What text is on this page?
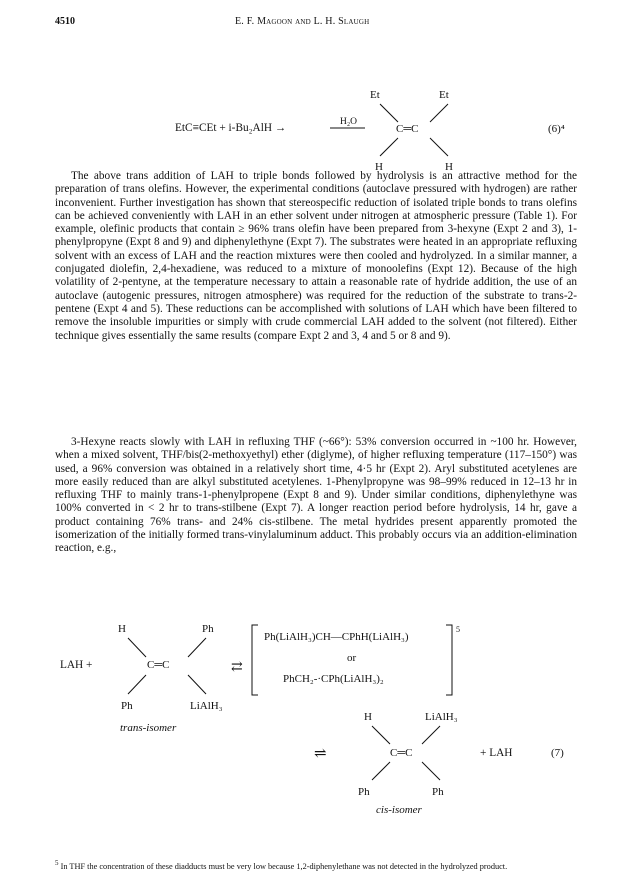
4510	E. F. Magoon and L. H. Slaugh
Et	Et
EtC≡CEt + i-Bu₂AlH →	H₂O
C═C	(6)⁴
H	H

The above trans addition of LAH to triple bonds followed by hydrolysis is an attractive method for the preparation of trans olefins. However, the experimental conditions (autoclave pressured with hydrogen) are rather inconvenient. Further investigation has shown that stereospecific reduction of isolated triple bonds to trans olefins can be achieved conveniently with LAH in an ether solvent under nitrogen at atmospheric pressure (Table 1). For example, olefinic products that contain ≥ 96% trans olefin have been prepared from 3-hexyne (Expt 2 and 3), 1-phenylpropyne (Expt 8 and 9) and diphenylethyne (Expt 7). The substrates were heated in an appropriate refluxing solvent with an excess of LAH and the reaction mixtures were then cooled and hydrolyzed. In a similar manner, a conjugated diolefin, 2,4-hexadiene, was reduced to a mixture of monoolefins (Expt 12). Because of the high volatility of 2-pentyne, at the temperature necessary to attain a reasonable rate of hydride addition, the use of an autoclave (autogenic pressures, nitrogen atmosphere) was required for the reduction of the substrate to trans-2-pentene (Expt 4 and 5). These reductions can be accomplished with solutions of LAH which have been filtered to remove the insoluble impurities or simply with crude commercial LAH added to the solvent (not filtered). Either technique gives essentially the same results (compare Expt 2 and 3, 4 and 5 or 8 and 9).

3-Hexyne reacts slowly with LAH in refluxing THF (~66°): 53% conversion occurred in ~100 hr. However, when a mixed solvent, THF/bis(2-methoxyethyl) ether (diglyme), of higher refluxing temperature (117–150°) was used, a 96% conversion was obtained in a relatively short time, 4·5 hr (Expt 2). Aryl substituted acetylenes are more easily reduced than are alkyl substituted acetylenes. 1-Phenylpropyne was 98–99% reduced in 12–13 hr in refluxing THF to mainly trans-1-phenylpropene (Expt 8 and 9). Under similar conditions, diphenylethyne was 100% converted in < 2 hr to trans-stilbene (Expt 7). A longer reaction period before hydrolysis, 14 hr, gave a product containing 76% trans- and 24% cis-stilbene. The metal hydrides present apparently promoted the isomerization of the initially formed trans-vinylaluminum adduct. This probably occurs via an addition-elimination reaction, e.g.,

H	Ph
LAH +	C═C
Ph	LiAlH₃
trans-isomer
⇄
Ph(LiAlH₃)CH—CPhH(LiAlH₃)
or
PhCH₂-·CPh(LiAlH₃)₂
5
H	LiAlH₃
⇌	C═C	+ LAH	(7)
Ph	Ph
cis-isomer

$^5$ In THF the concentration of these diadducts must be very low because 1,2-diphenylethane was not detected in the hydrolyzed product.
